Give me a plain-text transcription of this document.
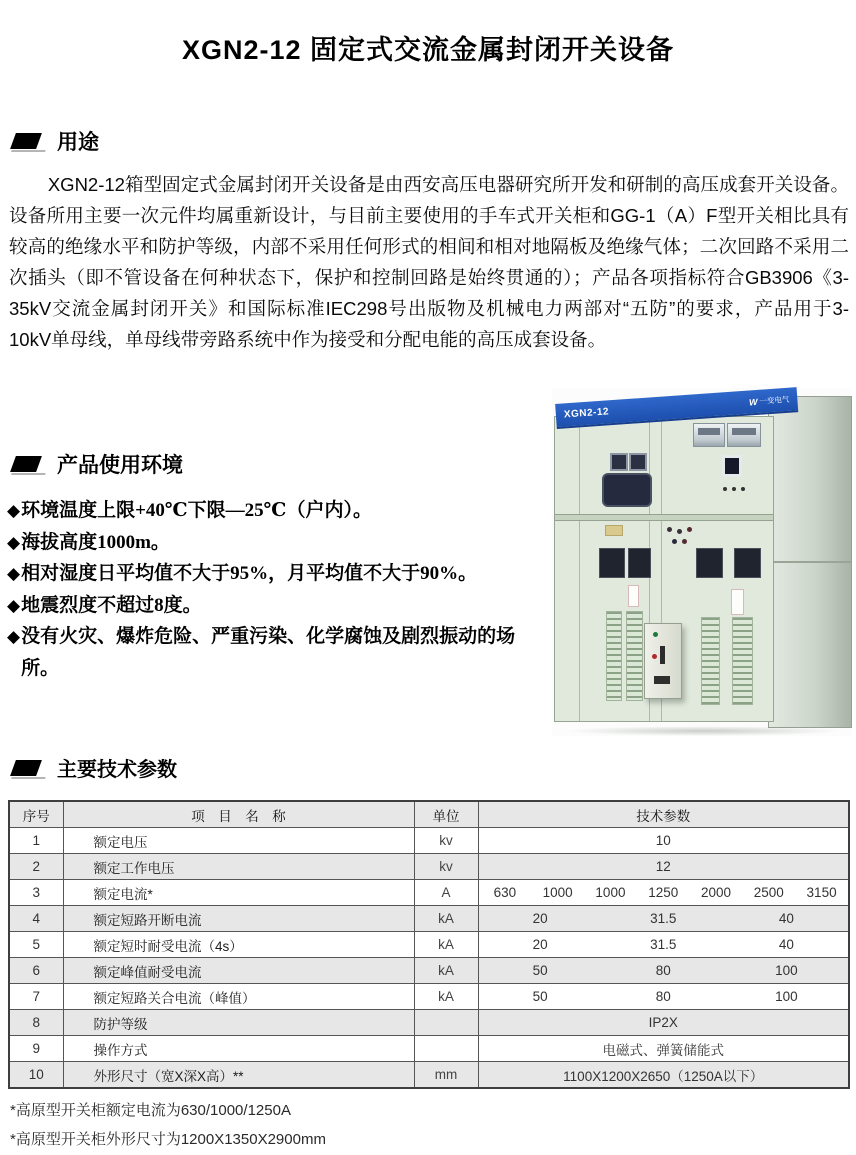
XGN2-12 固定式交流金属封闭开关设备
用途

XGN2-12箱型固定式金属封闭开关设备是由西安高压电器研究所开发和研制的高压成套开关设备。设备所用主要一次元件均属重新设计，与目前主要使用的手车式开关柜和GG-1（A）F型开关相比具有较高的绝缘水平和防护等级，内部不采用任何形式的相间和相对地隔板及绝缘气体；二次回路不采用二次插头（即不管设备在何种状态下，保护和控制回路是始终贯通的）；产品各项指标符合GB3906《3-35kV交流金属封闭开关》和国际标准IEC298号出版物及机械电力两部对“五防”的要求，产品用于3-10kV单母线，单母线带旁路系统中作为接受和分配电能的高压成套设备。

产品使用环境
◆ 环境温度上限+40℃下限—25℃（户内）。
◆ 海拔高度1000m。
◆ 相对湿度日平均值不大于95%，月平均值不大于90%。
◆ 地震烈度不超过8度。
◆ 没有火灾、爆炸危险、严重污染、化学腐蚀及剧烈振动的场所。
XGN2-12
W 一变电气
主要技术参数
序号	项　目　名　称	单位	技术参数
1	额定电压	kv	10

2	额定工作电压	kv	12

3	额定电流*	A	630	1000	1000	1250	2000	2500	3150

4	额定短路开断电流	kA	20 31.5 40

5	额定短时耐受电流（4s）	kA	20 31.5 40

6	额定峰值耐受电流	kA	50 80 100

7	额定短路关合电流（峰值）	kA	50 80 100

8	防护等级		IP2X

9	操作方式		电磁式、弹簧储能式

10	外形尺寸（宽X深X高）**	mm	1100X1200X2650（1250A以下）
*高原型开关柜额定电流为630/1000/1250A
*高原型开关柜外形尺寸为1200X1350X2900mm
